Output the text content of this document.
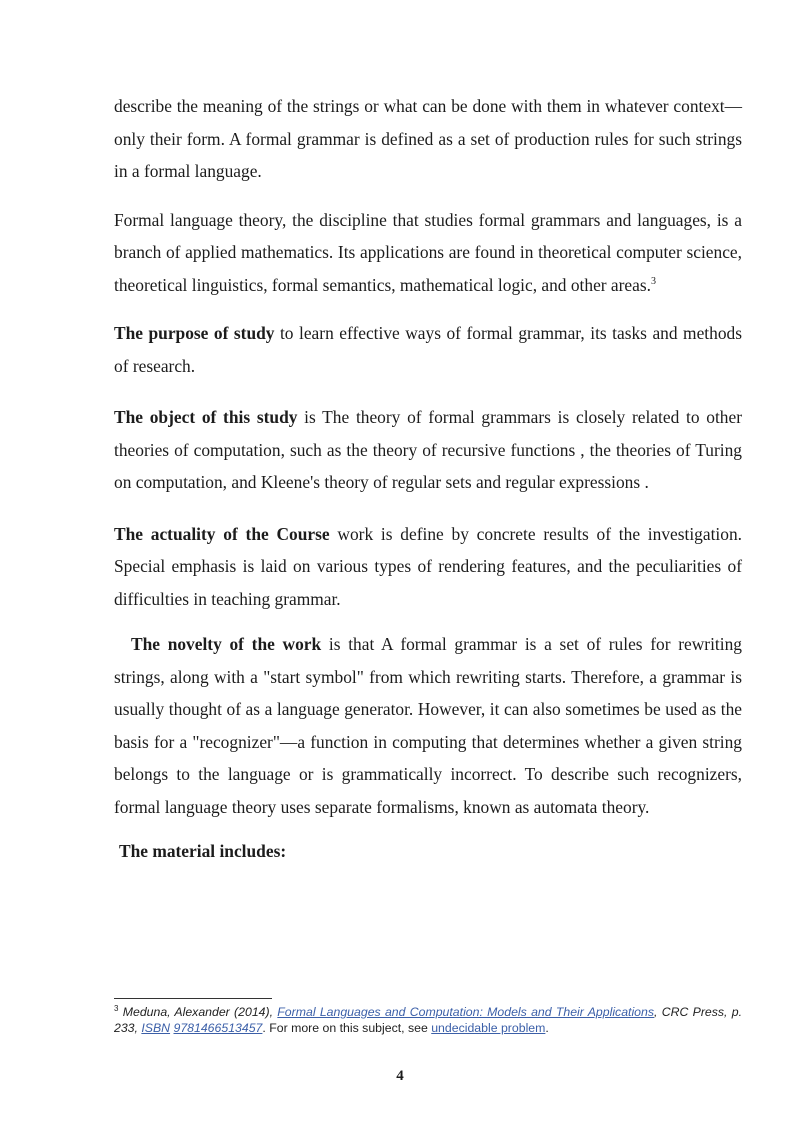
describe the meaning of the strings or what can be done with them in whatever context—only their form. A formal grammar is defined as a set of production rules for such strings in a formal language.

Formal language theory, the discipline that studies formal grammars and languages, is a branch of applied mathematics. Its applications are found in theoretical computer science, theoretical linguistics, formal semantics, mathematical logic, and other areas.$^3$

The purpose of study to learn effective ways of formal grammar, its tasks and methods of research.

The object of this study is The theory of formal grammars is closely related to other theories of computation, such as the theory of recursive functions , the theories of Turing on computation, and Kleene's theory of regular sets and regular expressions .

The actuality of the Course work is define by concrete results of the investigation. Special emphasis is laid on various types of rendering features, and the peculiarities of difficulties in teaching grammar.

The novelty of the work is that A formal grammar is a set of rules for rewriting strings, along with a "start symbol" from which rewriting starts. Therefore, a grammar is usually thought of as a language generator. However, it can also sometimes be used as the basis for a "recognizer"—a function in computing that determines whether a given string belongs to the language or is grammatically incorrect. To describe such recognizers, formal language theory uses separate formalisms, known as automata theory.

The material includes:

$^3$ Meduna, Alexander (2014), Formal Languages and Computation: Models and Their Applications, CRC Press, p. 233, ISBN 9781466513457. For more on this subject, see undecidable problem.
4
